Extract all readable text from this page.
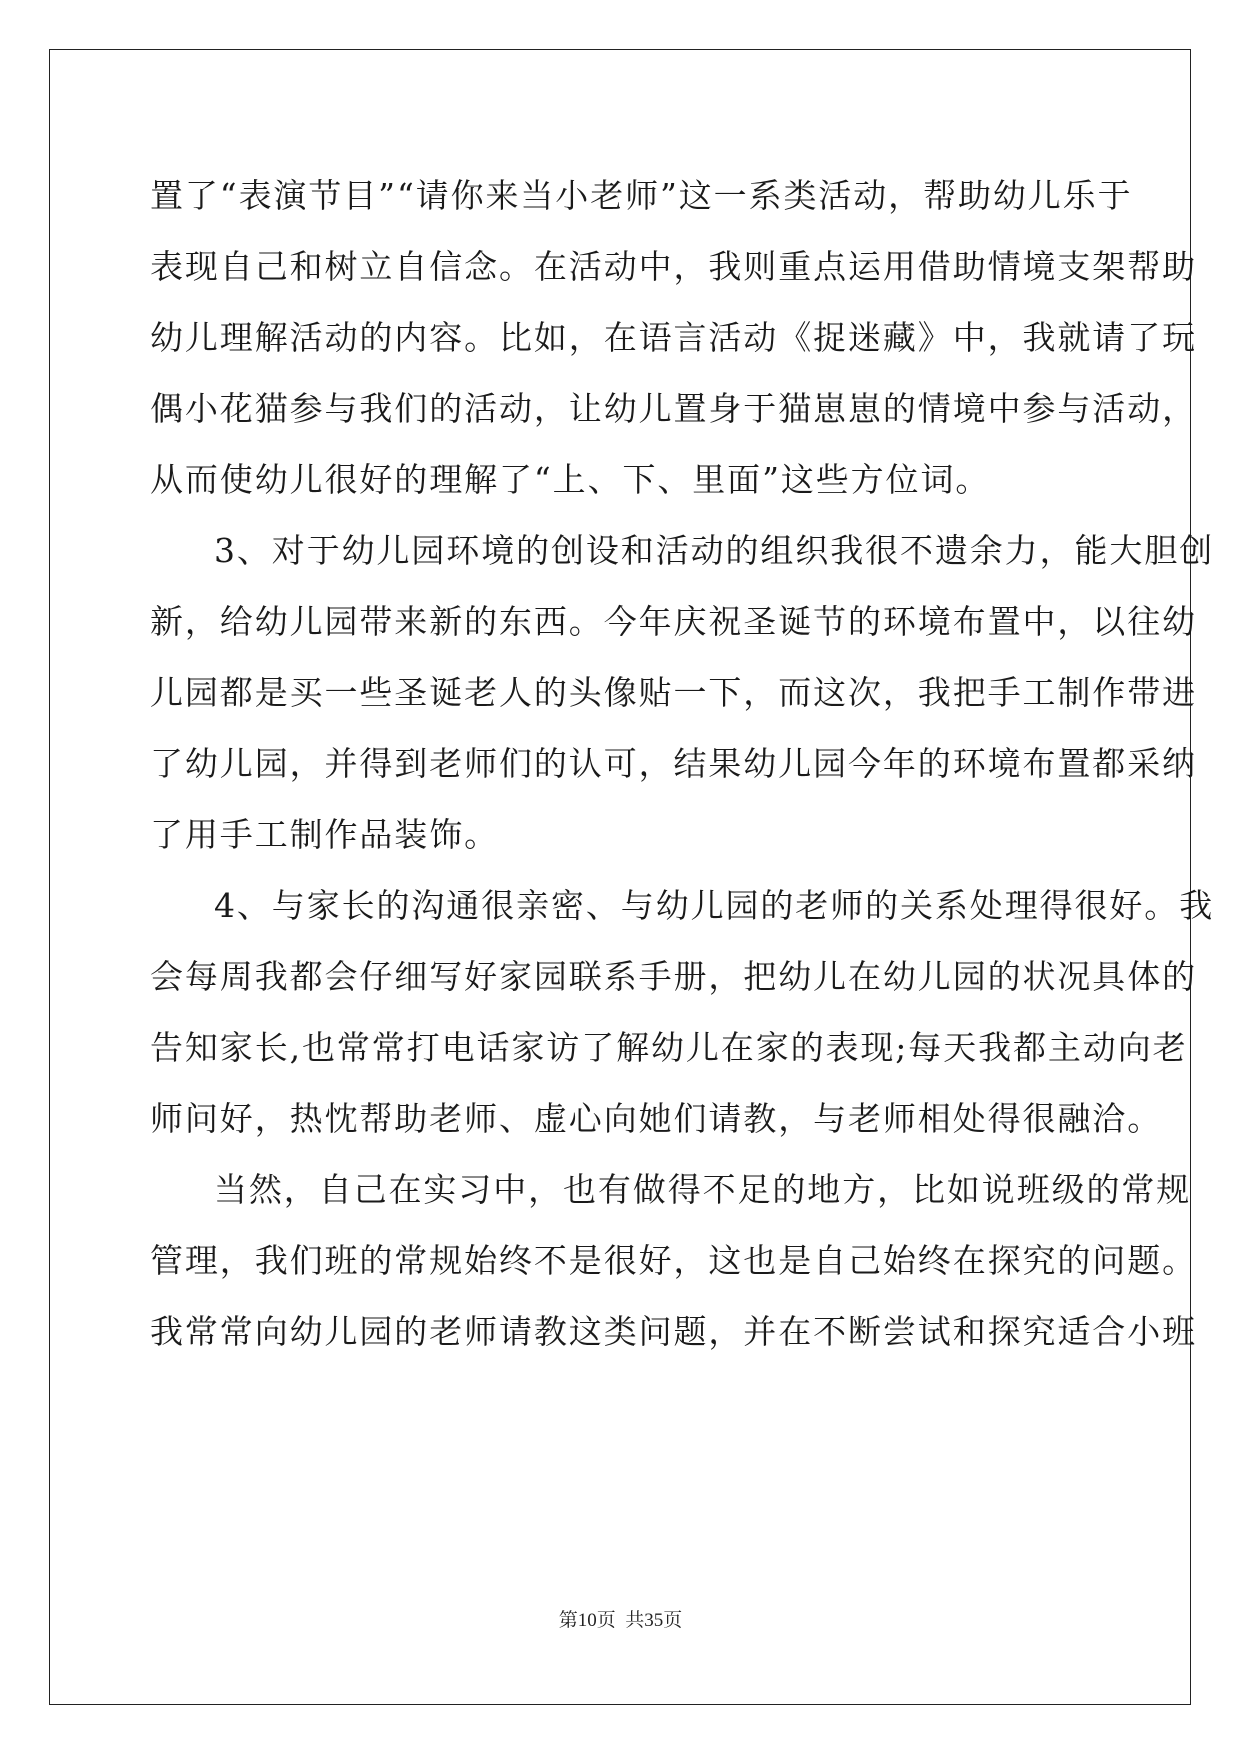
置了“表演节目”“请你来当小老师”这一系类活动，帮助幼儿乐于
表现自己和树立自信念。在活动中，我则重点运用借助情境支架帮助
幼儿理解活动的内容。比如，在语言活动《捉迷藏》中，我就请了玩
偶小花猫参与我们的活动，让幼儿置身于猫崽崽的情境中参与活动，
从而使幼儿很好的理解了“上、下、里面”这些方位词。
3、对于幼儿园环境的创设和活动的组织我很不遗余力，能大胆创
新，给幼儿园带来新的东西。今年庆祝圣诞节的环境布置中，以往幼
儿园都是买一些圣诞老人的头像贴一下，而这次，我把手工制作带进
了幼儿园，并得到老师们的认可，结果幼儿园今年的环境布置都采纳
了用手工制作品装饰。
4、与家长的沟通很亲密、与幼儿园的老师的关系处理得很好。我
会每周我都会仔细写好家园联系手册，把幼儿在幼儿园的状况具体的
告知家长,也常常打电话家访了解幼儿在家的表现;每天我都主动向老
师问好，热忱帮助老师、虚心向她们请教，与老师相处得很融洽。
当然，自己在实习中，也有做得不足的地方，比如说班级的常规
管理，我们班的常规始终不是很好，这也是自己始终在探究的问题。
我常常向幼儿园的老师请教这类问题，并在不断尝试和探究适合小班
第10页  共35页
